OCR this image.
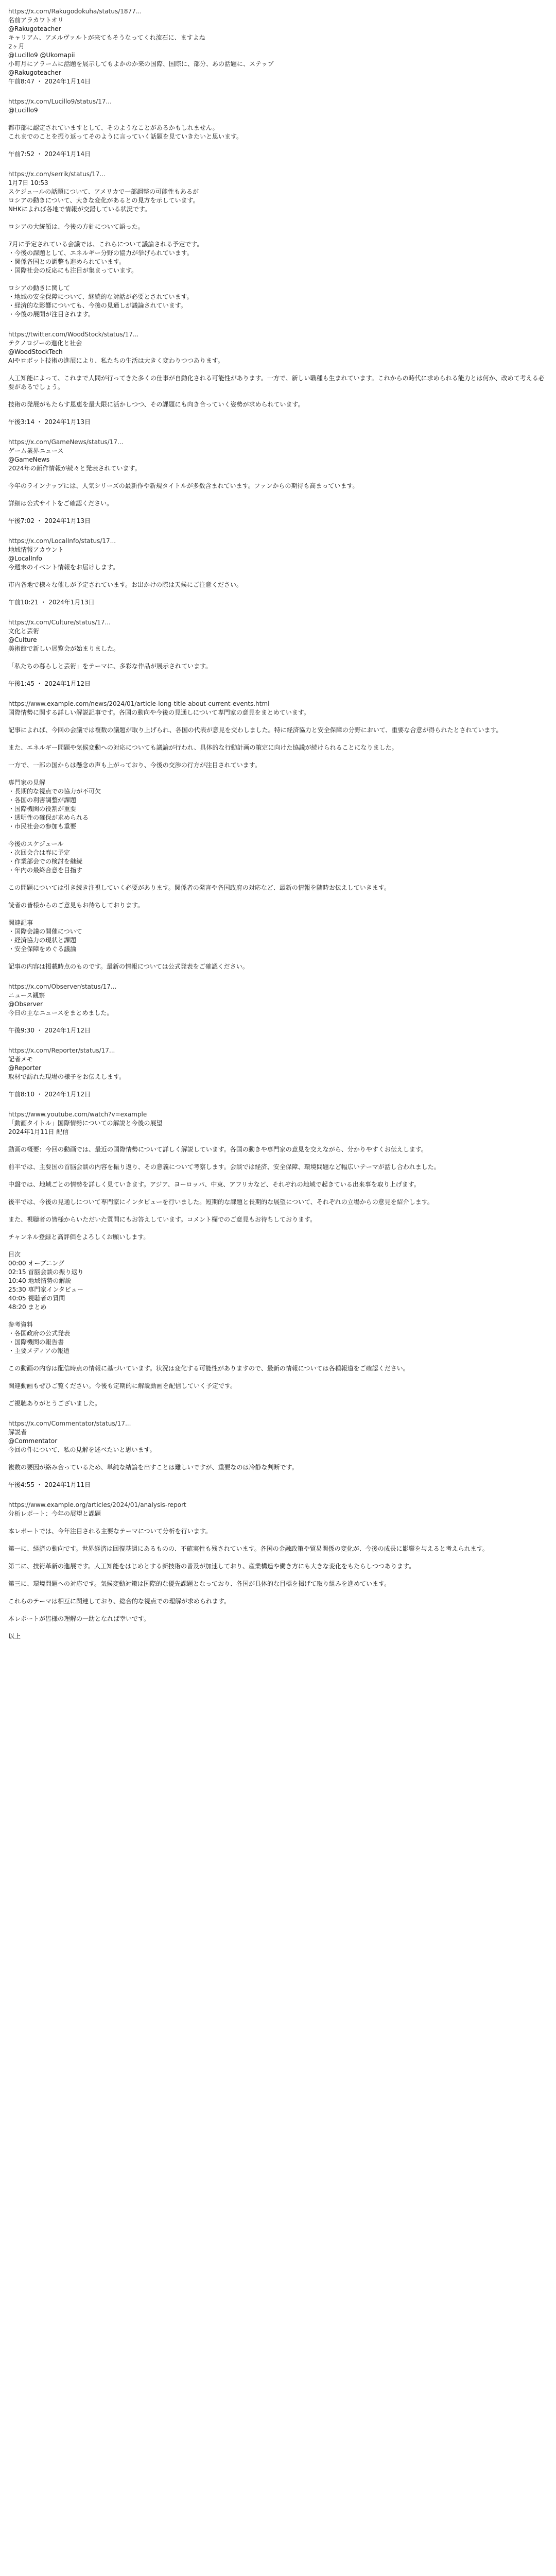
https://x.com/Rakugodokuha/status/1877...
名前アラカワトオリ
@Rakugoteacher
キャリアム、アメルヴァルトが来てもそうなってくれ流石に、ますよね
2ヶ月
@Lucillo9 @Ukomapii
小町月にアラームに話題を展示してもよかのか来の国際、国際に、部分、あの話題に、ステップ
@Rakugoteacher
午前8:47 ・ 2024年1月14日
https://x.com/Lucillo9/status/17...
@Lucillo9

都市部に認定されていますとして、そのようなことがあるかもしれません。
これまでのことを振り返ってそのように言っていく話題を見ていきたいと思います。

午前7:52 ・ 2024年1月14日
https://x.com/serrik/status/17...
1月7日 10:53
スケジュールの話題について、アメリカで一部調整の可能性もあるが
ロシアの動きについて、大きな変化があるとの見方を示しています。
NHKによれば各地で情報が交錯している状況です。

ロシアの大統領は、今後の方針について語った。

7月に予定されている会議では、これらについて議論される予定です。
・今後の課題として、エネルギー分野の協力が挙げられています。
・関係各国との調整も進められています。
・国際社会の反応にも注目が集まっています。

ロシアの動きに関して
・地域の安全保障について、継続的な対話が必要とされています。
・経済的な影響についても、今後の見通しが議論されています。
・今後の展開が注目されます。
https://twitter.com/WoodStock/status/17...
テクノロジーの進化と社会
@WoodStockTech
AIやロボット技術の進展により、私たちの生活は大きく変わりつつあります。

人工知能によって、これまで人間が行ってきた多くの仕事が自動化される可能性があります。一方で、新しい職種も生まれています。これからの時代に求められる能力とは何か、改めて考える必要があるでしょう。

技術の発展がもたらす恩恵を最大限に活かしつつ、その課題にも向き合っていく姿勢が求められています。

午後3:14 ・ 2024年1月13日
https://x.com/GameNews/status/17...
ゲーム業界ニュース
@GameNews
2024年の新作情報が続々と発表されています。

今年のラインナップには、人気シリーズの最新作や新規タイトルが多数含まれています。ファンからの期待も高まっています。

詳細は公式サイトをご確認ください。

午後7:02 ・ 2024年1月13日
https://x.com/LocalInfo/status/17...
地域情報アカウント
@LocalInfo
今週末のイベント情報をお届けします。

市内各地で様々な催しが予定されています。お出かけの際は天候にご注意ください。

午前10:21 ・ 2024年1月13日
https://x.com/Culture/status/17...
文化と芸術
@Culture
美術館で新しい展覧会が始まりました。

「私たちの暮らしと芸術」をテーマに、多彩な作品が展示されています。

午後1:45 ・ 2024年1月12日
https://www.example.com/news/2024/01/article-long-title-about-current-events.html
国際情勢に関する詳しい解説記事です。各国の動向や今後の見通しについて専門家の意見をまとめています。

記事によれば、今回の会議では複数の議題が取り上げられ、各国の代表が意見を交わしました。特に経済協力と安全保障の分野において、重要な合意が得られたとされています。

また、エネルギー問題や気候変動への対応についても議論が行われ、具体的な行動計画の策定に向けた協議が続けられることになりました。

一方で、一部の国からは懸念の声も上がっており、今後の交渉の行方が注目されています。

専門家の見解
・長期的な視点での協力が不可欠
・各国の利害調整が課題
・国際機関の役割が重要
・透明性の確保が求められる
・市民社会の参加も重要

今後のスケジュール
・次回会合は春に予定
・作業部会での検討を継続
・年内の最終合意を目指す

この問題については引き続き注視していく必要があります。関係者の発言や各国政府の対応など、最新の情報を随時お伝えしていきます。

読者の皆様からのご意見もお待ちしております。

関連記事
・国際会議の開催について
・経済協力の現状と課題
・安全保障をめぐる議論

記事の内容は掲載時点のものです。最新の情報については公式発表をご確認ください。
https://x.com/Observer/status/17...
ニュース観察
@Observer
今日の主なニュースをまとめました。

午後9:30 ・ 2024年1月12日
https://x.com/Reporter/status/17...
記者メモ
@Reporter
取材で訪れた現場の様子をお伝えします。

午前8:10 ・ 2024年1月12日
https://www.youtube.com/watch?v=example
「動画タイトル」国際情勢についての解説と今後の展望
2024年1月11日 配信

動画の概要：今回の動画では、最近の国際情勢について詳しく解説しています。各国の動きや専門家の意見を交えながら、分かりやすくお伝えします。

前半では、主要国の首脳会談の内容を振り返り、その意義について考察します。会談では経済、安全保障、環境問題など幅広いテーマが話し合われました。

中盤では、地域ごとの情勢を詳しく見ていきます。アジア、ヨーロッパ、中東、アフリカなど、それぞれの地域で起きている出来事を取り上げます。

後半では、今後の見通しについて専門家にインタビューを行いました。短期的な課題と長期的な展望について、それぞれの立場からの意見を紹介します。

また、視聴者の皆様からいただいた質問にもお答えしています。コメント欄でのご意見もお待ちしております。

チャンネル登録と高評価をよろしくお願いします。

目次
00:00 オープニング
02:15 首脳会談の振り返り
10:40 地域情勢の解説
25:30 専門家インタビュー
40:05 視聴者の質問
48:20 まとめ

参考資料
・各国政府の公式発表
・国際機関の報告書
・主要メディアの報道

この動画の内容は配信時点の情報に基づいています。状況は変化する可能性がありますので、最新の情報については各種報道をご確認ください。

関連動画もぜひご覧ください。今後も定期的に解説動画を配信していく予定です。

ご視聴ありがとうございました。
https://x.com/Commentator/status/17...
解説者
@Commentator
今回の件について、私の見解を述べたいと思います。

複数の要因が絡み合っているため、単純な結論を出すことは難しいですが、重要なのは冷静な判断です。

午後4:55 ・ 2024年1月11日
https://www.example.org/articles/2024/01/analysis-report
分析レポート：今年の展望と課題

本レポートでは、今年注目される主要なテーマについて分析を行います。

第一に、経済の動向です。世界経済は回復基調にあるものの、不確実性も残されています。各国の金融政策や貿易関係の変化が、今後の成長に影響を与えると考えられます。

第二に、技術革新の進展です。人工知能をはじめとする新技術の普及が加速しており、産業構造や働き方にも大きな変化をもたらしつつあります。

第三に、環境問題への対応です。気候変動対策は国際的な優先課題となっており、各国が具体的な目標を掲げて取り組みを進めています。

これらのテーマは相互に関連しており、総合的な視点での理解が求められます。

本レポートが皆様の理解の一助となれば幸いです。

以上
